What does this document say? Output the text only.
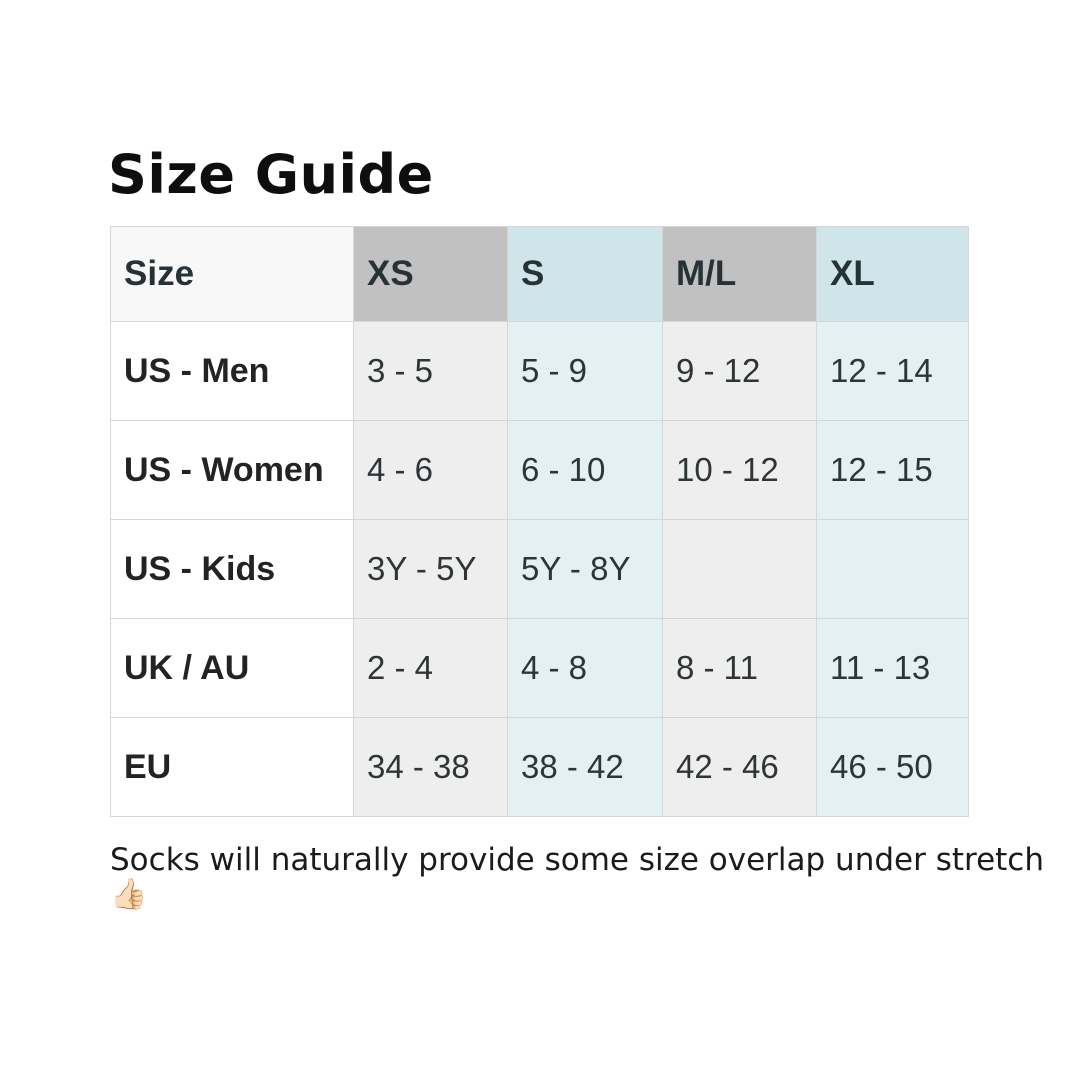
Size Guide
Size	XS	S	M/L	XL
US - Men	3 - 5	5 - 9	9 - 12	12 - 14
US - Women	4 - 6	6 - 10	10 - 12	12 - 15
US - Kids	3Y - 5Y	5Y - 8Y		
UK / AU	2 - 4	4 - 8	8 - 11	11 - 13
EU	34 - 38	38 - 42	42 - 46	46 - 50

Socks will naturally provide some size overlap under stretch👍🏻
